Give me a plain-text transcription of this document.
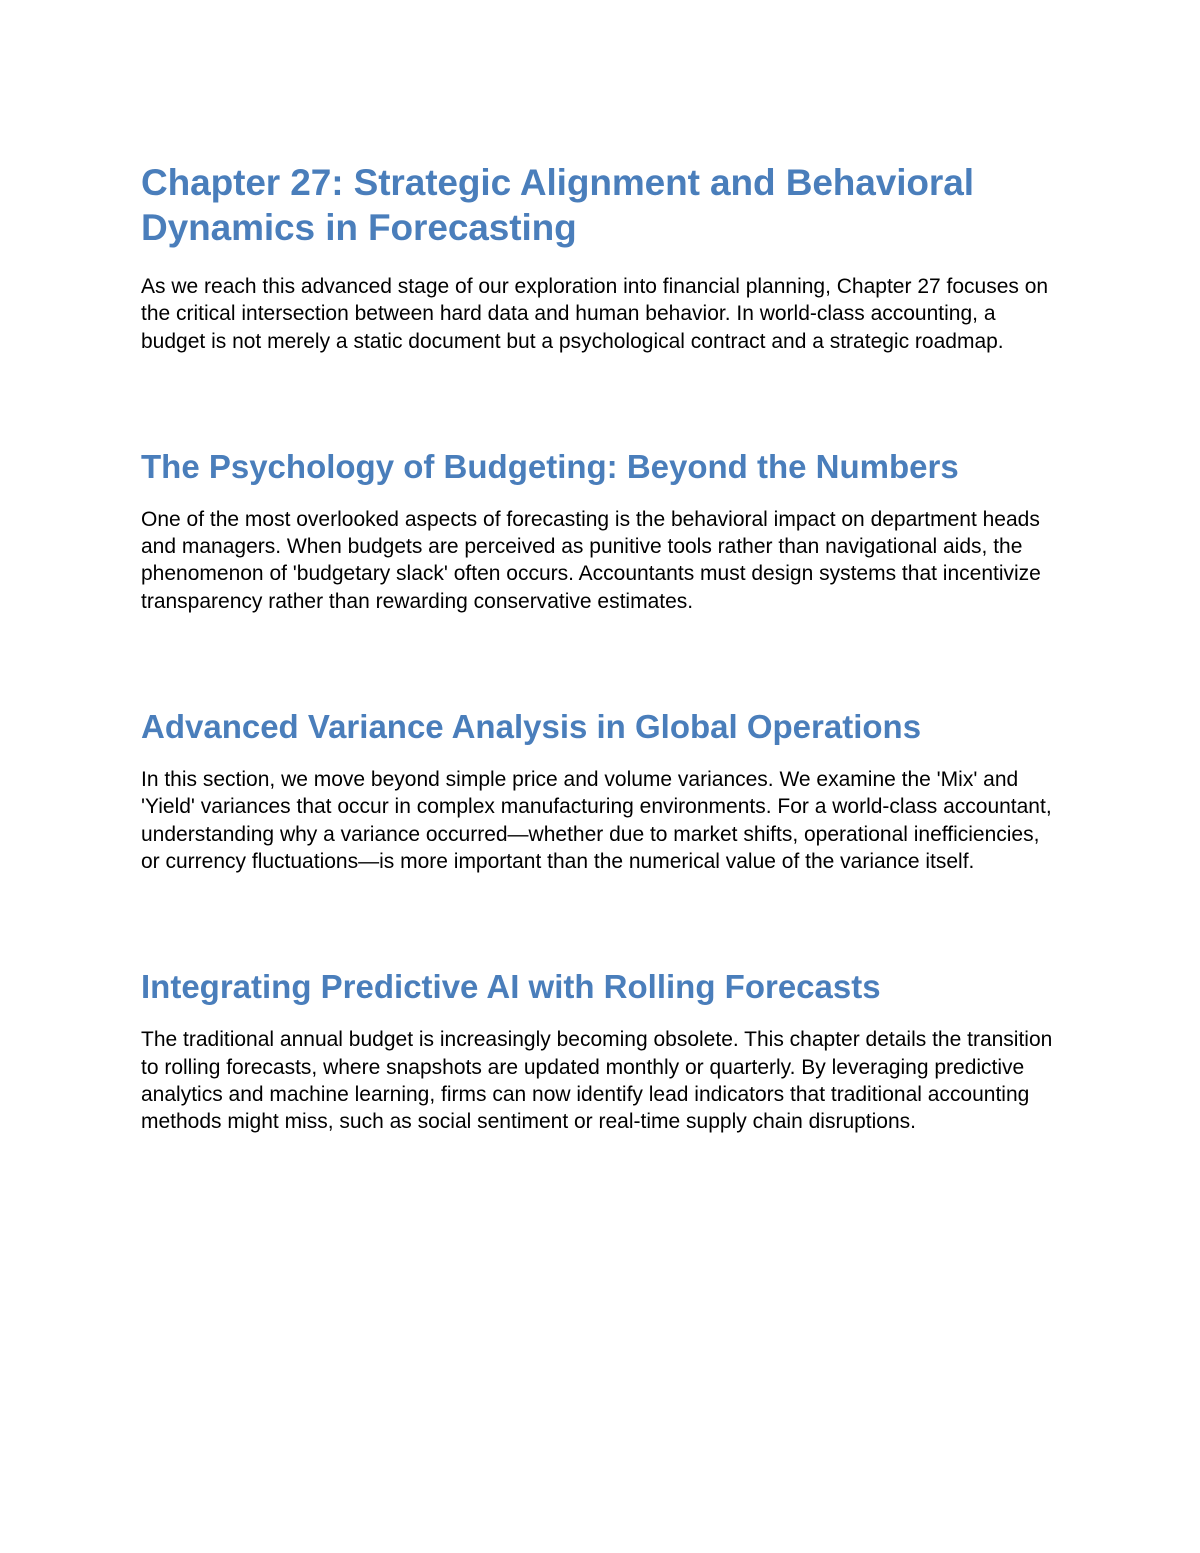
Chapter 27: Strategic Alignment and Behavioral Dynamics in Forecasting

As we reach this advanced stage of our exploration into financial planning, Chapter 27 focuses on the critical intersection between hard data and human behavior. In world-class accounting, a budget is not merely a static document but a psychological contract and a strategic roadmap.

The Psychology of Budgeting: Beyond the Numbers

One of the most overlooked aspects of forecasting is the behavioral impact on department heads and managers. When budgets are perceived as punitive tools rather than navigational aids, the phenomenon of 'budgetary slack' often occurs. Accountants must design systems that incentivize transparency rather than rewarding conservative estimates.

Advanced Variance Analysis in Global Operations

In this section, we move beyond simple price and volume variances. We examine the 'Mix' and 'Yield' variances that occur in complex manufacturing environments. For a world-class accountant, understanding why a variance occurred—whether due to market shifts, operational inefficiencies, or currency fluctuations—is more important than the numerical value of the variance itself.

Integrating Predictive AI with Rolling Forecasts

The traditional annual budget is increasingly becoming obsolete. This chapter details the transition to rolling forecasts, where snapshots are updated monthly or quarterly. By leveraging predictive analytics and machine learning, firms can now identify lead indicators that traditional accounting methods might miss, such as social sentiment or real-time supply chain disruptions.
